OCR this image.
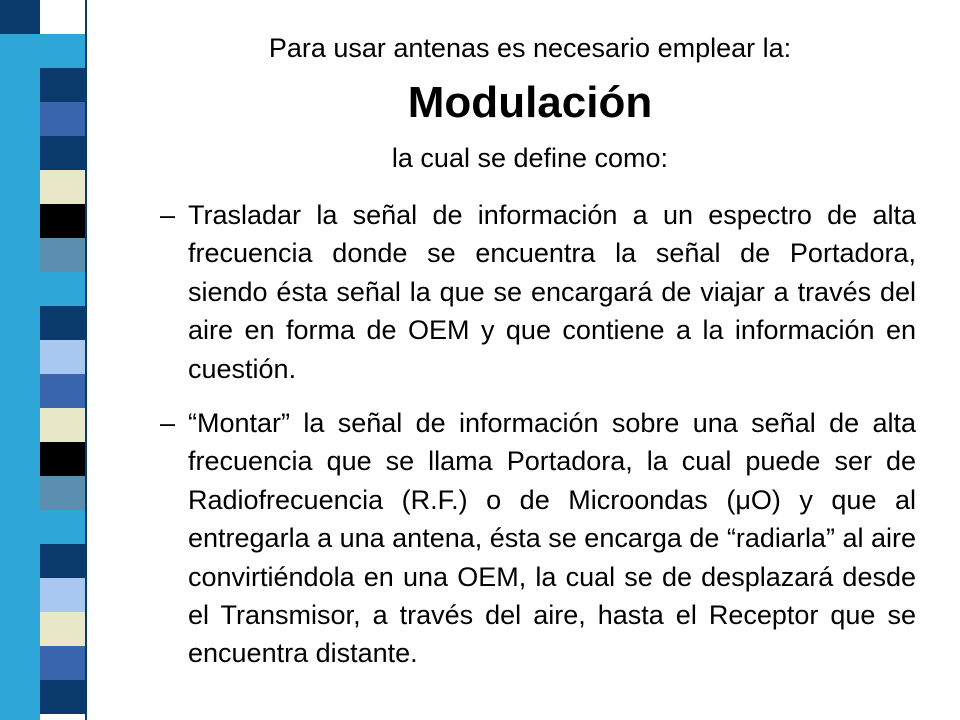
Para usar antenas es necesario emplear la:
Modulación
la cual se define como:
– Trasladar la señal de información a un espectro de alta frecuencia donde se encuentra la señal de Portadora, siendo ésta señal la que se encargará de viajar a través del aire en forma de OEM y que contiene a la información en cuestión.
– “Montar” la señal de información sobre una señal de alta frecuencia que se llama Portadora, la cual puede ser de Radiofrecuencia (R.F.) o de Microondas (μO) y que al entregarla a una antena, ésta se encarga de “radiarla” al aire convirtiéndola en una OEM, la cual se de desplazará desde el Transmisor, a través del aire, hasta el Receptor que se encuentra distante.
